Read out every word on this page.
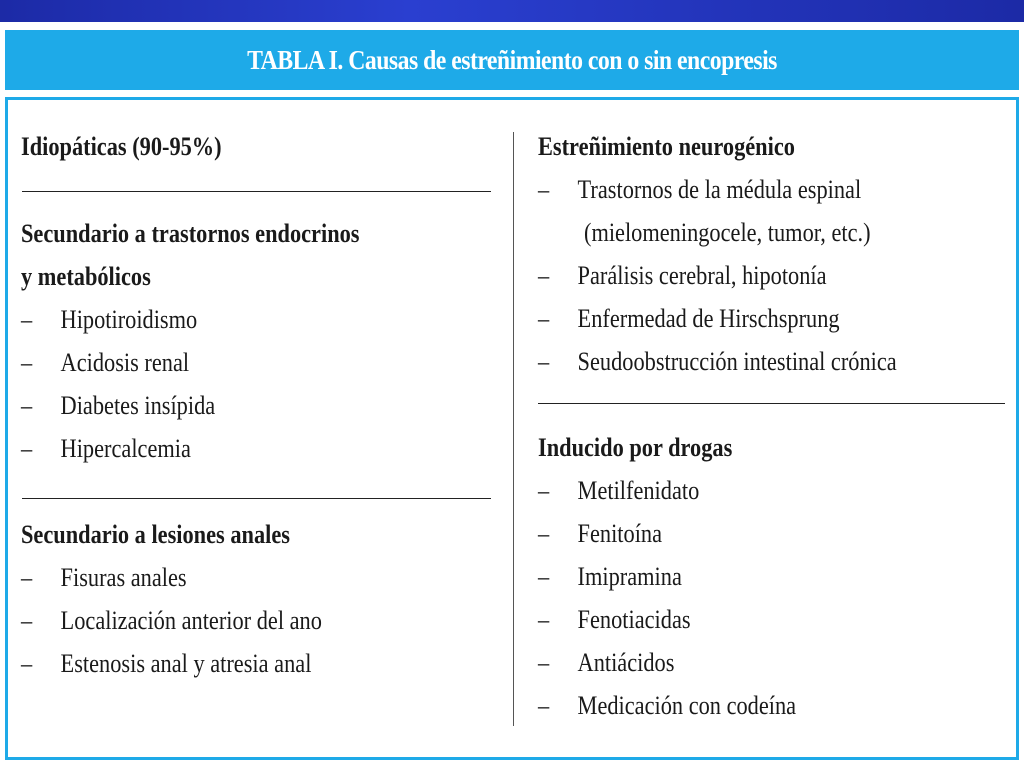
TABLA I. Causas de estreñimiento con o sin encopresis
Idiopáticas (90-95%)
Secundario a trastornos endocrinos
y metabólicos
– Hipotiroidismo
– Acidosis renal
– Diabetes insípida
– Hipercalcemia
Secundario a lesiones anales
– Fisuras anales
– Localización anterior del ano
– Estenosis anal y atresia anal
Estreñimiento neurogénico
– Trastornos de la médula espinal
(mielomeningocele, tumor, etc.)
– Parálisis cerebral, hipotonía
– Enfermedad de Hirschsprung
– Seudoobstrucción intestinal crónica
Inducido por drogas
– Metilfenidato
– Fenitoína
– Imipramina
– Fenotiacidas
– Antiácidos
– Medicación con codeína
